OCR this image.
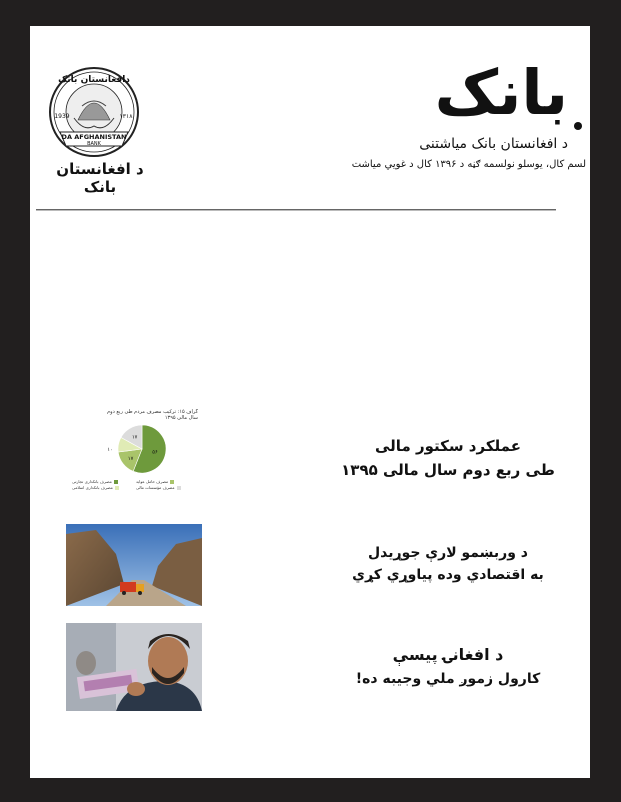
دافغانستان بانک
1939	۱۳۱۸
DA AFGHANISTAN
BANK
د افغانستان بانک
بانک
د افغانستان بانک میاشتنی
لسم کال، یوسلو نولسمه ګڼه د ۱۳۹۶ کال د غويي مياشت
گراف ۱۵: ترکیب مصرف مردم طی ربع دوم سال مالی ۱۳۹۵
۵۶
۱۷
۱۰
۱۷
مصرف بانکداری تجارتی	مصرف حامل عواید
مصرف بانکداری اسلامی	مصرف مؤسسات مالی
عملکرد سکتور مالی
طی ربع دوم سال مالی ۱۳۹۵
د وربښمو لارې جوړيدل
به اقتصادي وده پياوړي کړي
د افغانۍ پيسې
کارول زموږ ملي وجيبه ده!
